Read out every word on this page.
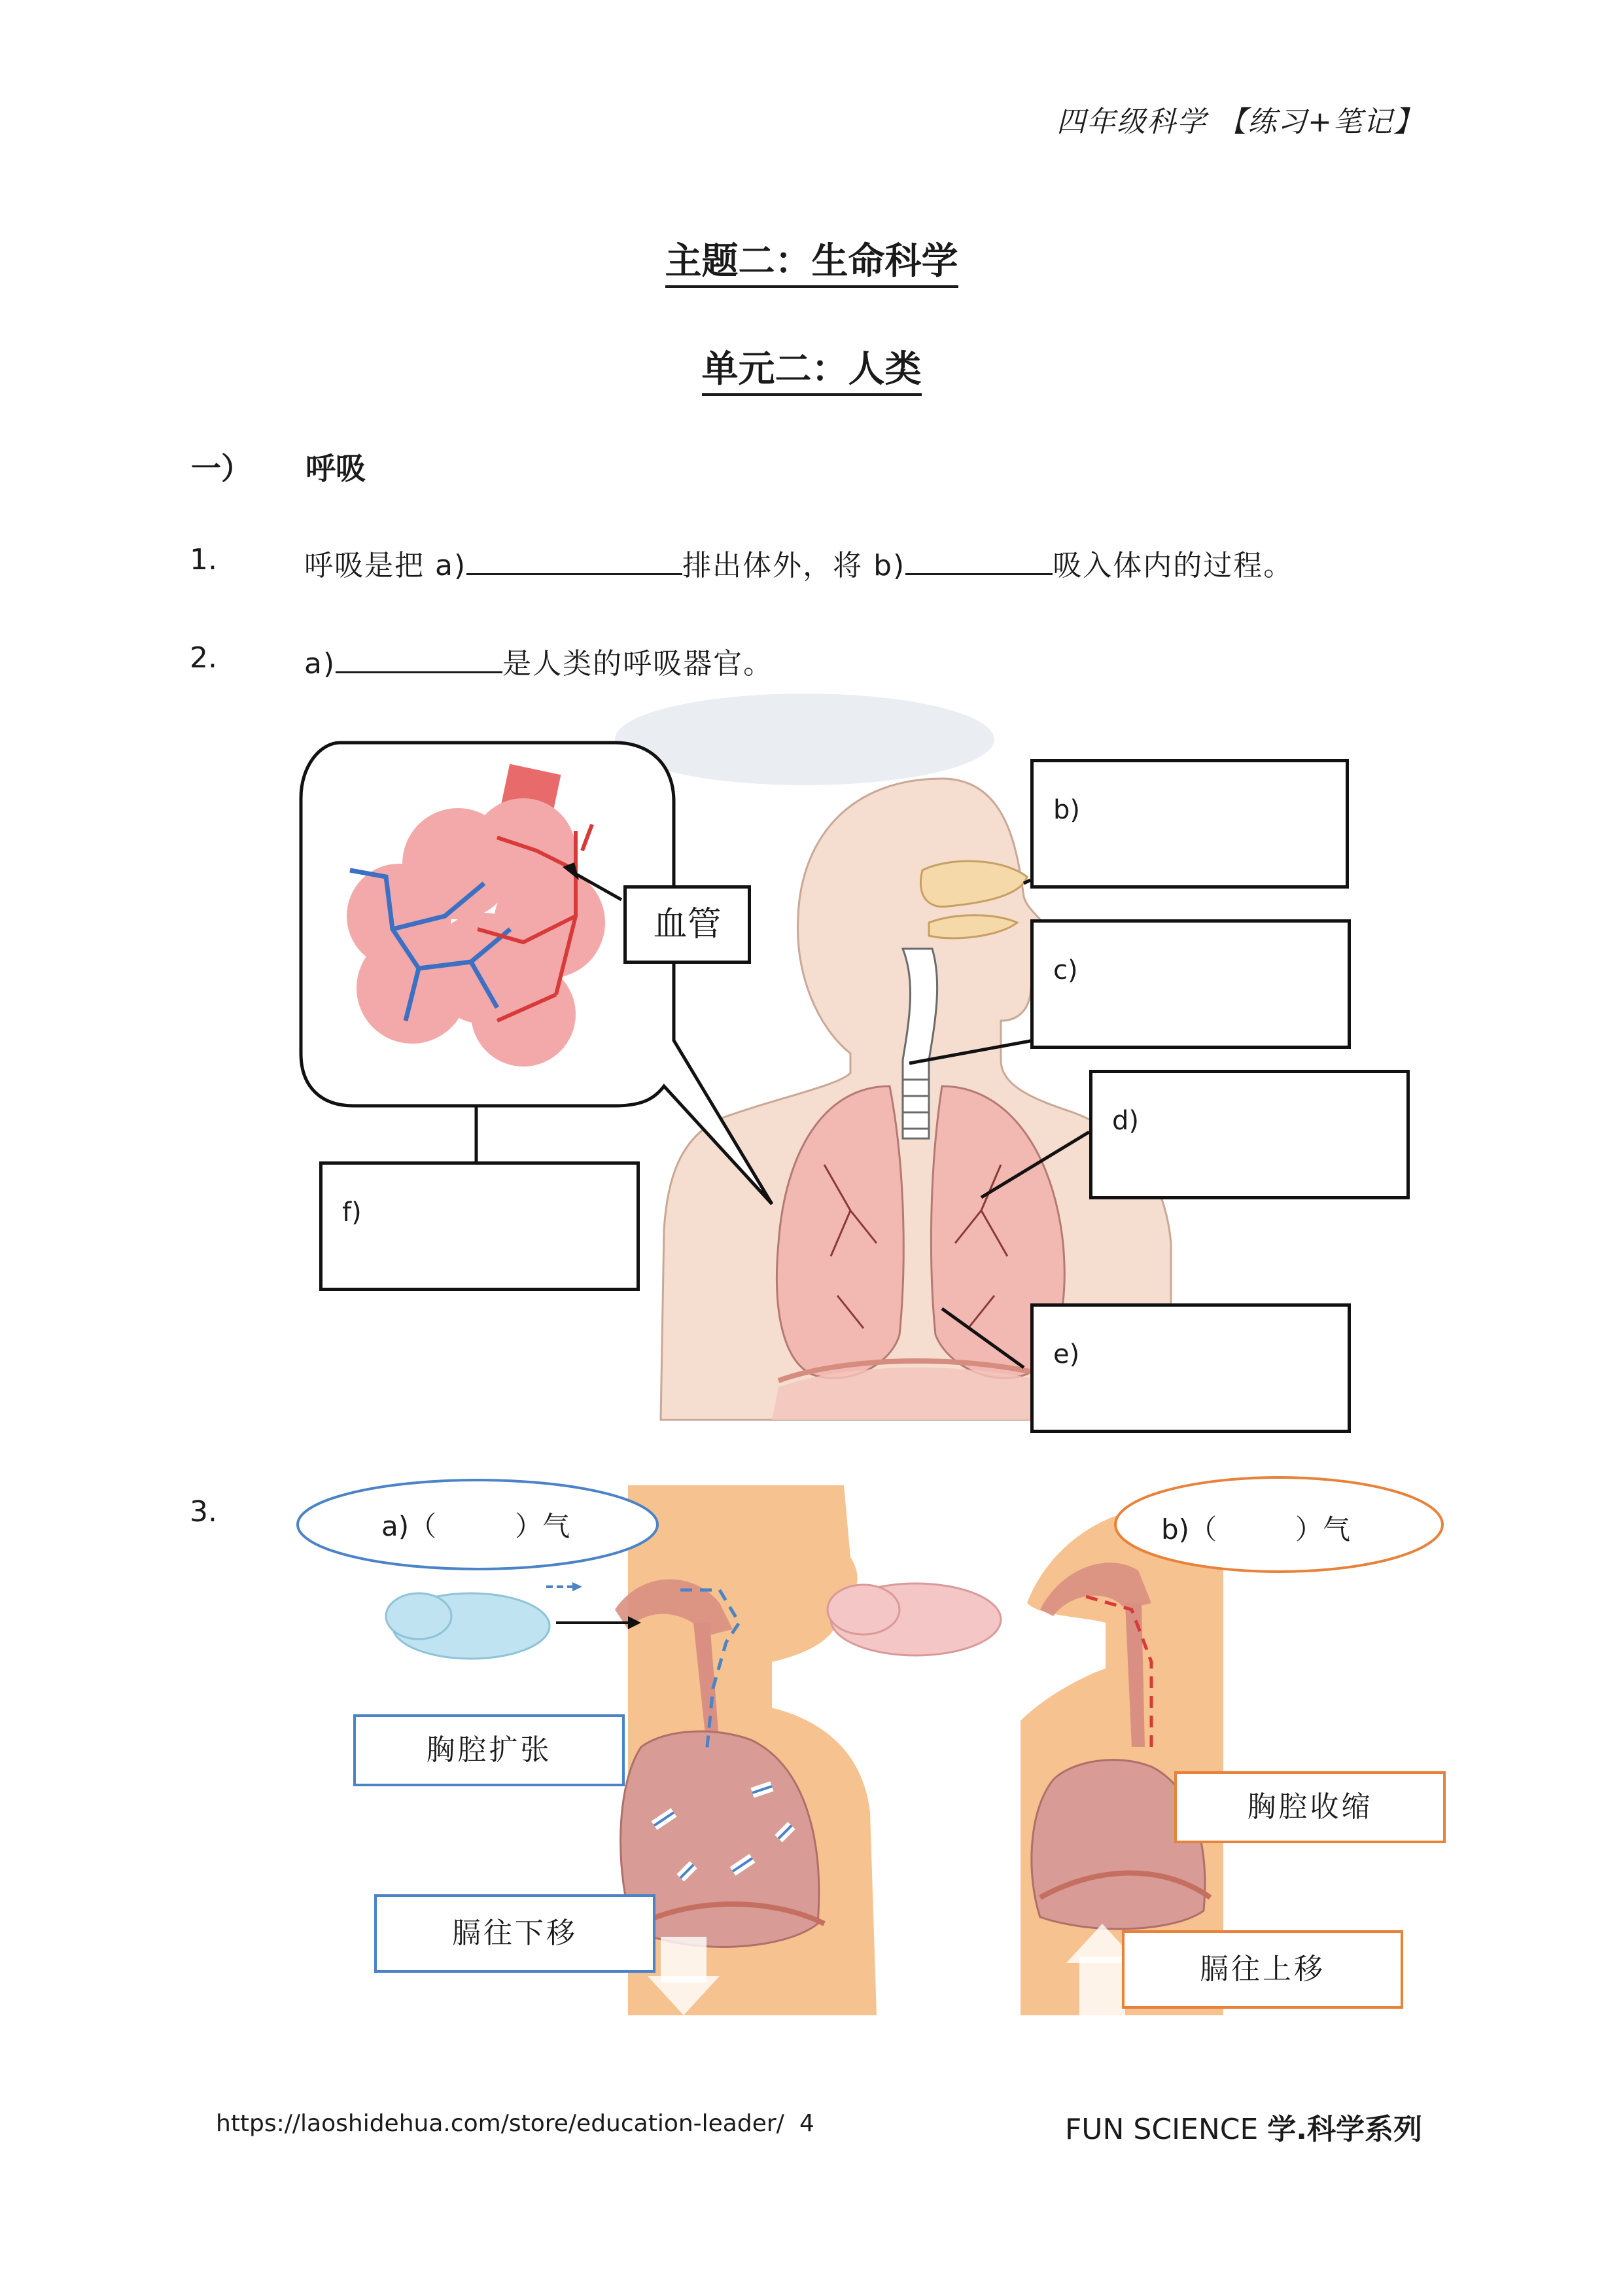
四年级科学 【练习+笔记】
主题二：生命科学
单元二：人类
一） 呼吸
1.	呼吸是把 a)	排出体外，将 b)	吸入体内的过程。
2.	a)	是人类的呼吸器官。
3.
b)
c)
d)
e)
f)
血管
a)（	）气	b)（	）气
胸腔扩张
膈往下移
胸腔收缩
膈往上移
https://laoshidehua.com/store/education-leader/ 4	FUN SCIENCE 学.科学系列
